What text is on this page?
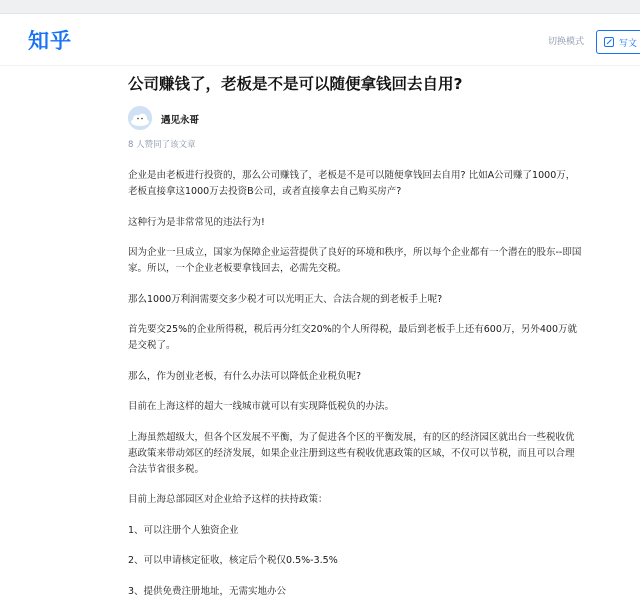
知乎	切换模式	写文
公司赚钱了，老板是不是可以随便拿钱回去自用?
遇见永哥
8 人赞同了该文章

企业是由老板进行投资的，那么公司赚钱了，老板是不是可以随便拿钱回去自用? 比如A公司赚了1000万，老板直接拿这1000万去投资B公司，或者直接拿去自己购买房产?

这种行为是非常常见的违法行为!

因为企业一旦成立，国家为保障企业运营提供了良好的环境和秩序，所以每个企业都有一个潜在的股东--即国家。所以，一个企业老板要拿钱回去，必需先交税。

那么1000万利润需要交多少税才可以光明正大、合法合规的到老板手上呢?

首先要交25%的企业所得税，税后再分红交20%的个人所得税，最后到老板手上还有600万，另外400万就是交税了。

那么，作为创业老板，有什么办法可以降低企业税负呢?

目前在上海这样的超大一线城市就可以有实现降低税负的办法。

上海虽然超级大，但各个区发展不平衡，为了促进各个区的平衡发展，有的区的经济园区就出台一些税收优惠政策来带动郊区的经济发展，如果企业注册到这些有税收优惠政策的区域，不仅可以节税，而且可以合理合法节省很多税。

目前上海总部园区对企业给予这样的扶持政策：

1、可以注册个人独资企业

2、可以申请核定征收，核定后个税仅0.5%-3.5%

3、提供免费注册地址，无需实地办公
